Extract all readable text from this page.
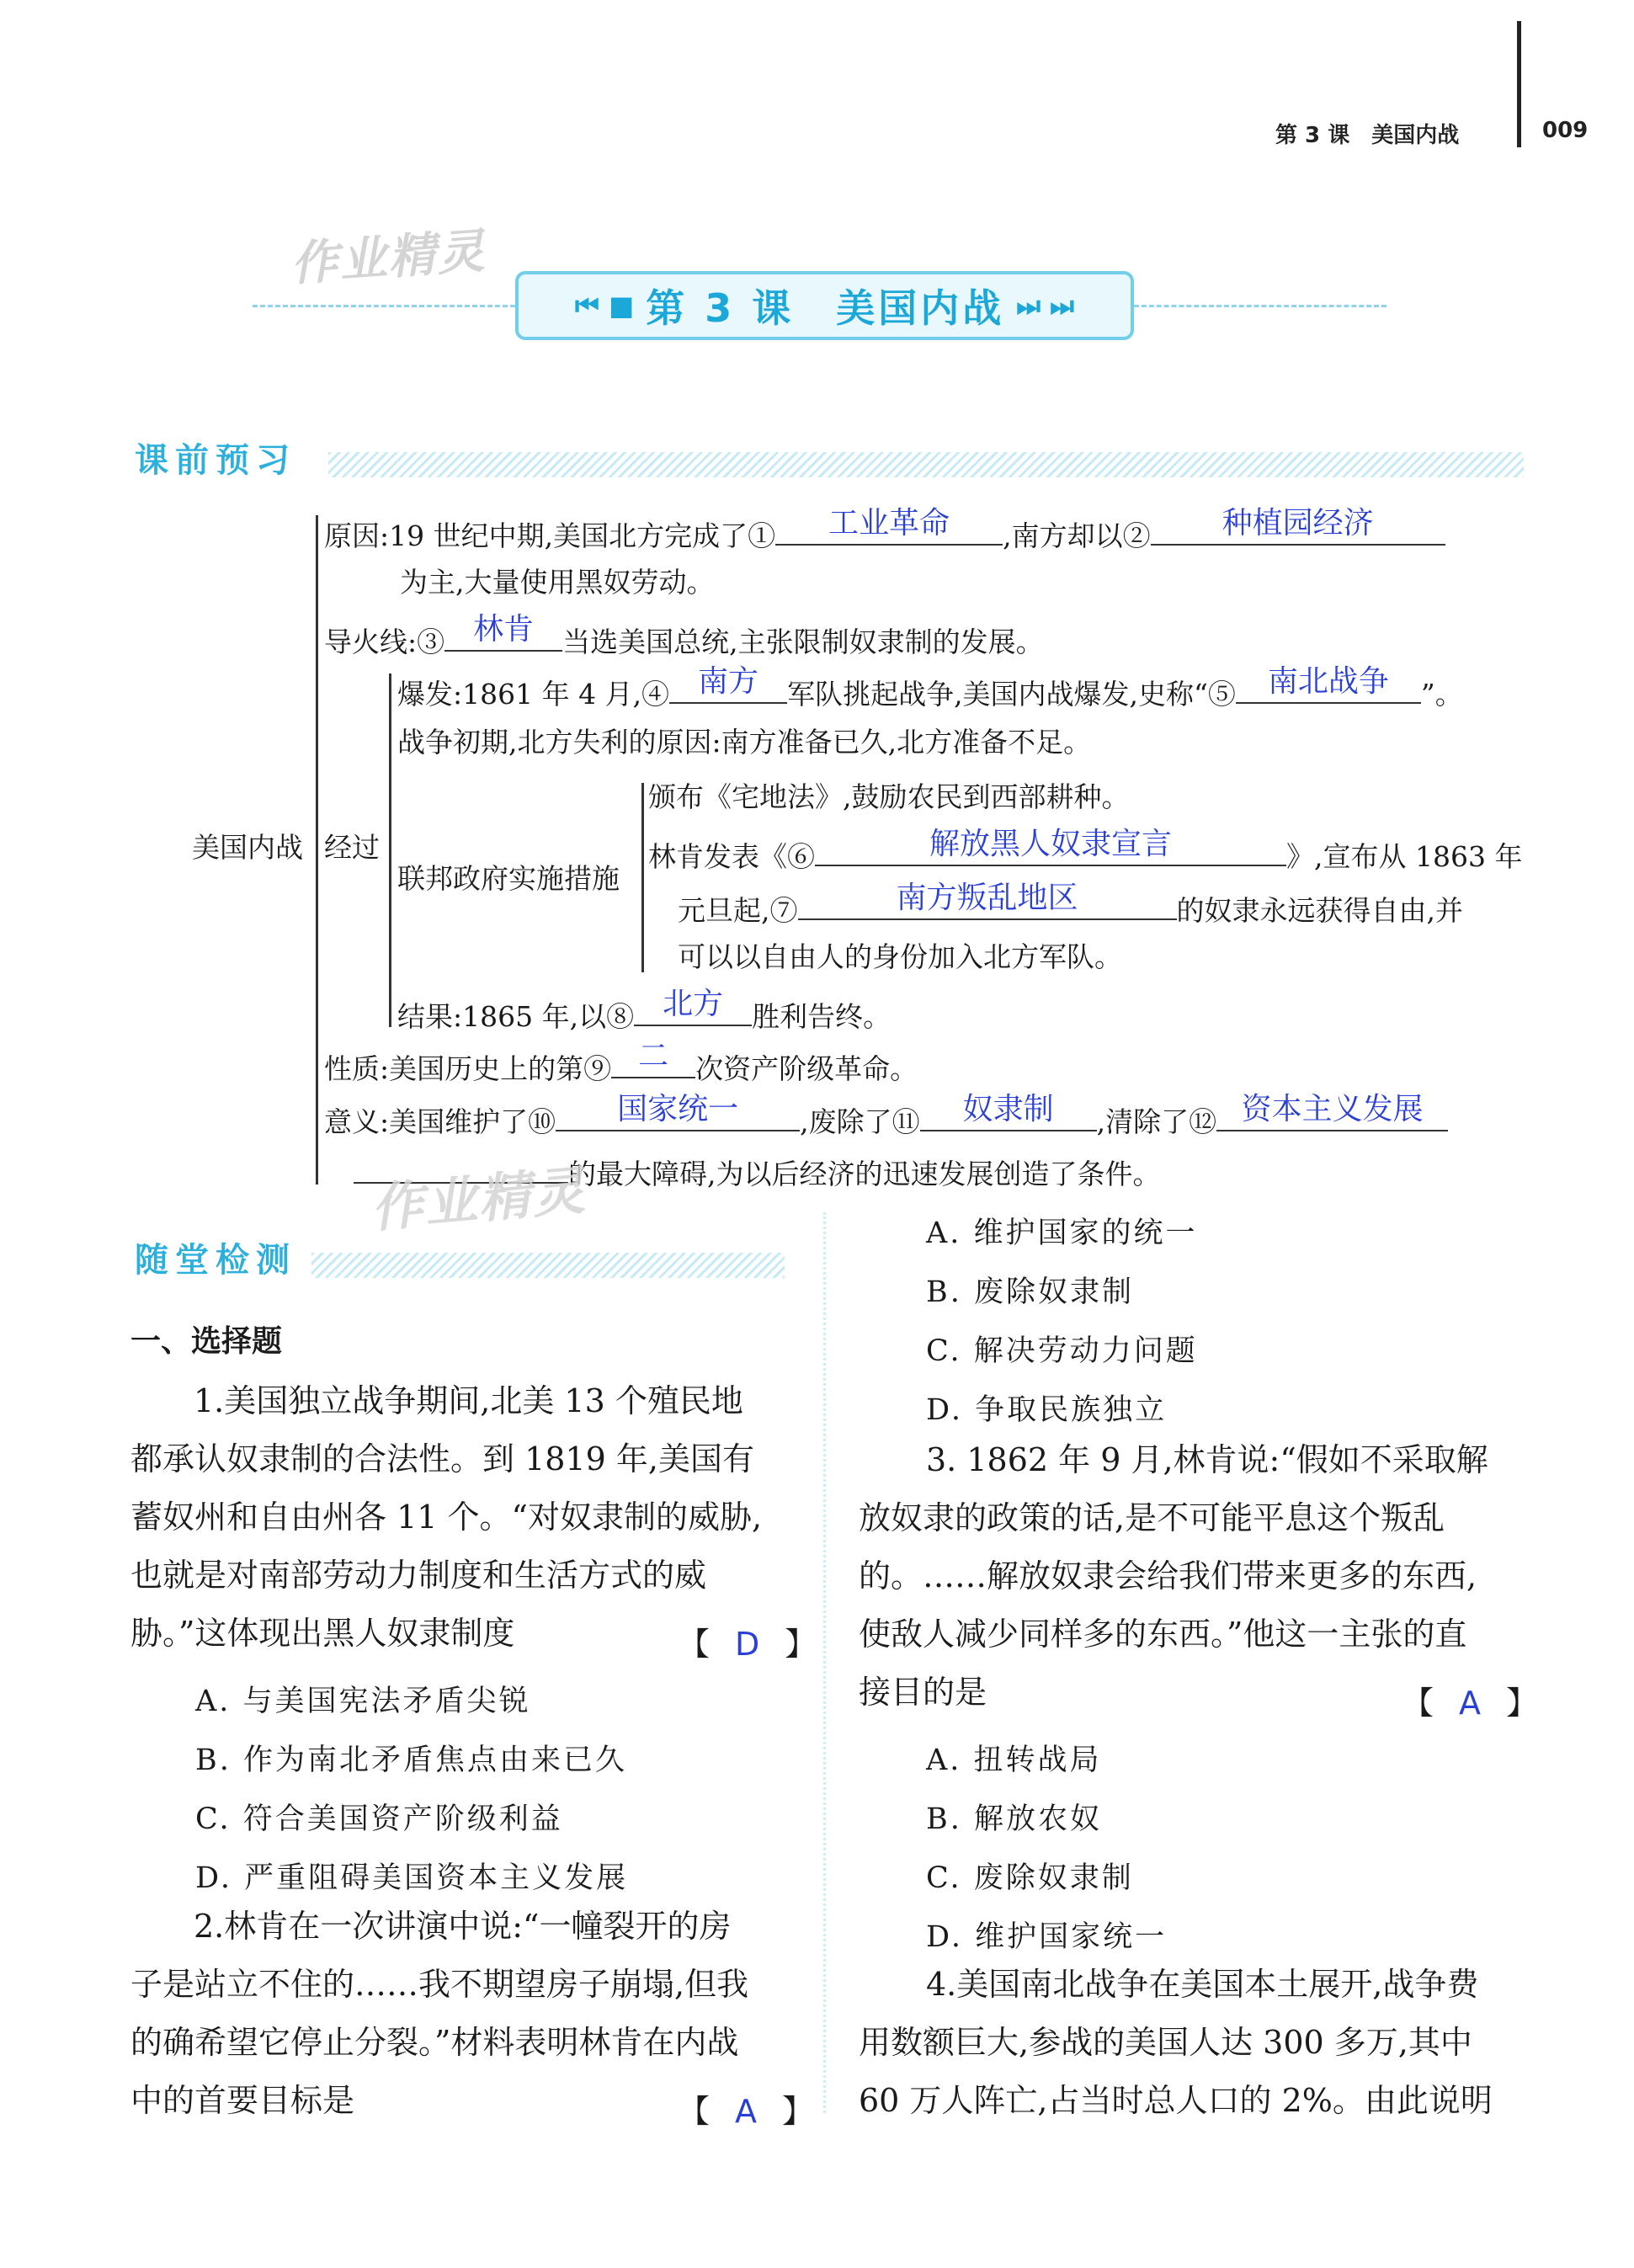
第 3 课　美国内战	009
作业精灵
⏮ ■ 第 3 课　美国内战 ⏭ ⏭
课前预习
美国内战 经过
联邦政府实施措施
原因:19 世纪中期,美国北方完成了①	工业革命	,南方却以②	种植园经济
为主,大量使用黑奴劳动。
导火线:③ 林肯	当选美国总统,主张限制奴隶制的发展。
爆发:1861 年 4 月,④ 南方	军队挑起战争,美国内战爆发,史称“⑤	南北战争	”。
战争初期,北方失利的原因:南方准备已久,北方准备不足。
颁布《宅地法》,鼓励农民到西部耕种。
林肯发表《⑥	解放黑人奴隶宣言	》,宣布从 1863 年
元旦起,⑦	南方叛乱地区	的奴隶永远获得自由,并
可以以自由人的身份加入北方军队。
结果:1865 年,以⑧ 北方	胜利告终。
性质:美国历史上的第⑨ 二 次资产阶级革命。
意义:美国维护了⑩	国家统一	,废除了⑪	奴隶制	,清除了⑫ 资本主义发展
的最大障碍,为以后经济的迅速发展创造了条件。
作业精灵
随堂检测
一、选择题
1.美国独立战争期间,北美 13 个殖民地
都承认奴隶制的合法性。到 1819 年,美国有
蓄奴州和自由州各 11 个。“对奴隶制的威胁,
也就是对南部劳动力制度和生活方式的威
胁。”这体现出黑人奴隶制度	【 D 】
A. 与美国宪法矛盾尖锐
B. 作为南北矛盾焦点由来已久
C. 符合美国资产阶级利益
D. 严重阻碍美国资本主义发展
2.林肯在一次讲演中说:“一幢裂开的房
子是站立不住的……我不期望房子崩塌,但我
的确希望它停止分裂。”材料表明林肯在内战
中的首要目标是	【 A 】
A. 维护国家的统一
B. 废除奴隶制
C. 解决劳动力问题
D. 争取民族独立
3. 1862 年 9 月,林肯说:“假如不采取解
放奴隶的政策的话,是不可能平息这个叛乱
的。……解放奴隶会给我们带来更多的东西,
使敌人减少同样多的东西。”他这一主张的直
接目的是	【 A 】
A. 扭转战局
B. 解放农奴
C. 废除奴隶制
D. 维护国家统一
4.美国南北战争在美国本土展开,战争费
用数额巨大,参战的美国人达 300 多万,其中
60 万人阵亡,占当时总人口的 2%。由此说明
